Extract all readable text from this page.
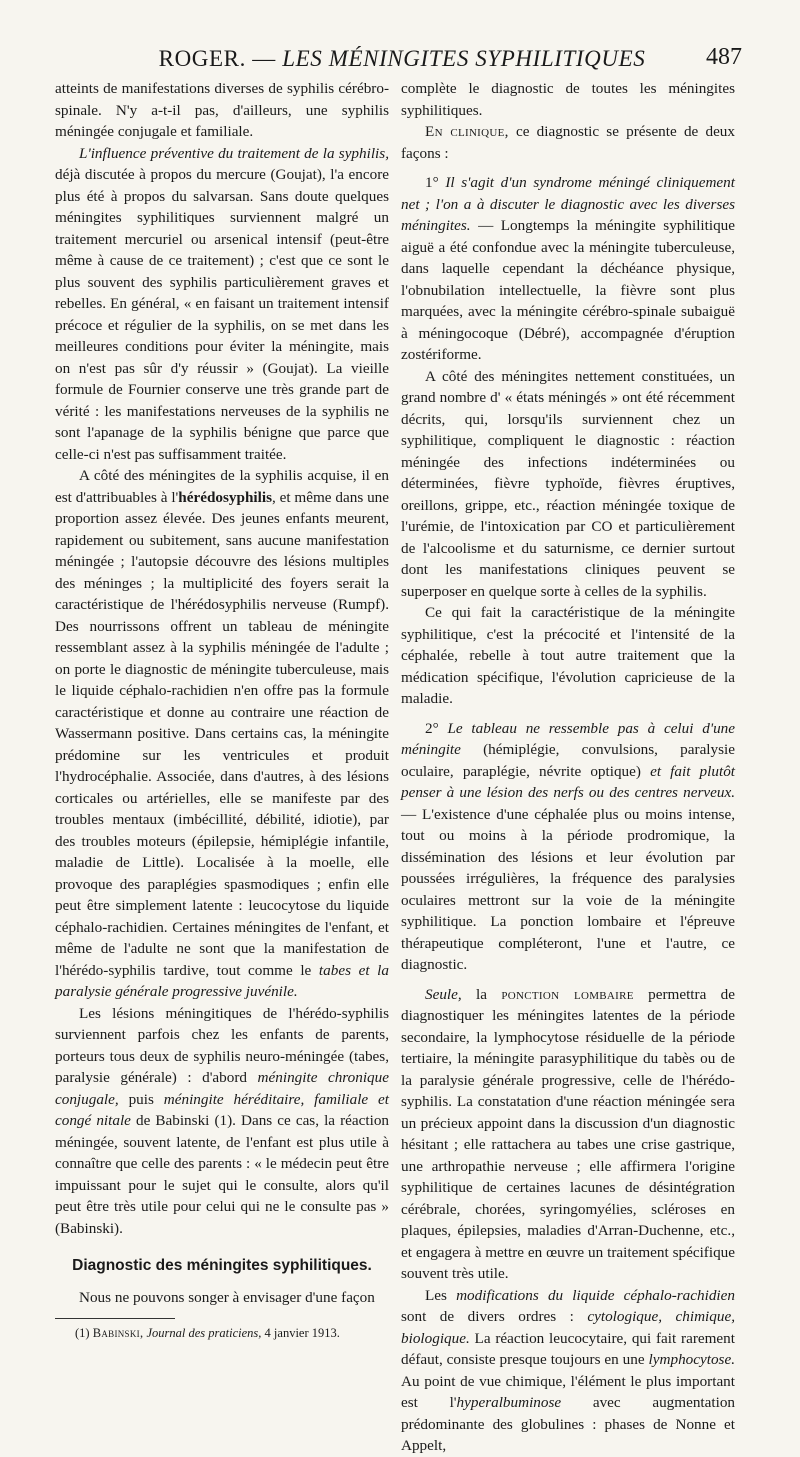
ROGER. — LES MÉNINGITES SYPHILITIQUES	487

atteints de manifestations diverses de syphilis cérébro-spinale. N'y a-t-il pas, d'ailleurs, une syphilis méningée conjugale et familiale.

L'influence préventive du traitement de la syphilis, déjà discutée à propos du mercure (Goujat), l'a encore plus été à propos du salvarsan. Sans doute quelques méningites syphilitiques surviennent malgré un traitement mercuriel ou arsenical intensif (peut-être même à cause de ce traitement) ; c'est que ce sont le plus souvent des syphilis particulièrement graves et rebelles. En général, « en faisant un traitement intensif précoce et régulier de la syphilis, on se met dans les meilleures conditions pour éviter la méningite, mais on n'est pas sûr d'y réussir » (Goujat). La vieille formule de Fournier conserve une très grande part de vérité : les manifestations nerveuses de la syphilis ne sont l'apanage de la syphilis bénigne que parce que celle-ci n'est pas suffisamment traitée.

A côté des méningites de la syphilis acquise, il en est d'attribuables à l'hérédosyphilis, et même dans une proportion assez élevée. Des jeunes enfants meurent, rapidement ou subitement, sans aucune manifestation méningée ; l'autopsie découvre des lésions multiples des méninges ; la multiplicité des foyers serait la caractéristique de l'hérédosyphilis nerveuse (Rumpf). Des nourrissons offrent un tableau de méningite ressemblant assez à la syphilis méningée de l'adulte ; on porte le diagnostic de méningite tuberculeuse, mais le liquide céphalo-rachidien n'en offre pas la formule caractéristique et donne au contraire une réaction de Wassermann positive. Dans certains cas, la méningite prédomine sur les ventricules et produit l'hydrocéphalie. Associée, dans d'autres, à des lésions corticales ou artérielles, elle se manifeste par des troubles mentaux (imbécillité, débilité, idiotie), par des troubles moteurs (épilepsie, hémiplégie infantile, maladie de Little). Localisée à la moelle, elle provoque des paraplégies spasmodiques ; enfin elle peut être simplement latente : leucocytose du liquide céphalo-rachidien. Certaines méningites de l'enfant, et même de l'adulte ne sont que la manifestation de l'hérédo-syphilis tardive, tout comme le tabes et la paralysie générale progressive juvénile.

Les lésions méningitiques de l'hérédo-syphilis surviennent parfois chez les enfants de parents, porteurs tous deux de syphilis neuro-méningée (tabes, paralysie générale) : d'abord méningite chronique conjugale, puis méningite héréditaire, familiale et congé nitale de Babinski (1). Dans ce cas, la réaction méningée, souvent latente, de l'enfant est plus utile à connaître que celle des parents : « le médecin peut être impuissant pour le sujet qui le consulte, alors qu'il peut être très utile pour celui qui ne le consulte pas » (Babinski).

Diagnostic des méningites syphilitiques.

Nous ne pouvons songer à envisager d'une façon

(1) Babinski, Journal des praticiens, 4 janvier 1913.

complète le diagnostic de toutes les méningites syphilitiques.

En clinique, ce diagnostic se présente de deux façons :

1° Il s'agit d'un syndrome méningé cliniquement net ; l'on a à discuter le diagnostic avec les diverses méningites. — Longtemps la méningite syphilitique aiguë a été confondue avec la méningite tuberculeuse, dans laquelle cependant la déchéance physique, l'obnubilation intellectuelle, la fièvre sont plus marquées, avec la méningite cérébro-spinale subaiguë à méningocoque (Débré), accompagnée d'éruption zostériforme.

A côté des méningites nettement constituées, un grand nombre d' « états méningés » ont été récemment décrits, qui, lorsqu'ils surviennent chez un syphilitique, compliquent le diagnostic : réaction méningée des infections indéterminées ou déterminées, fièvre typhoïde, fièvres éruptives, oreillons, grippe, etc., réaction méningée toxique de l'urémie, de l'intoxication par CO et particulièrement de l'alcoolisme et du saturnisme, ce dernier surtout dont les manifestations cliniques peuvent se superposer en quelque sorte à celles de la syphilis.

Ce qui fait la caractéristique de la méningite syphilitique, c'est la précocité et l'intensité de la céphalée, rebelle à tout autre traitement que la médication spécifique, l'évolution capricieuse de la maladie.

2° Le tableau ne ressemble pas à celui d'une méningite (hémiplégie, convulsions, paralysie oculaire, paraplégie, névrite optique) et fait plutôt penser à une lésion des nerfs ou des centres nerveux. — L'existence d'une céphalée plus ou moins intense, tout ou moins à la période prodromique, la dissémination des lésions et leur évolution par poussées irrégulières, la fréquence des paralysies oculaires mettront sur la voie de la méningite syphilitique. La ponction lombaire et l'épreuve thérapeutique compléteront, l'une et l'autre, ce diagnostic.

Seule, la ponction lombaire permettra de diagnostiquer les méningites latentes de la période secondaire, la lymphocytose résiduelle de la période tertiaire, la méningite parasyphilitique du tabès ou de la paralysie générale progressive, celle de l'hérédo-syphilis. La constatation d'une réaction méningée sera un précieux appoint dans la discussion d'un diagnostic hésitant ; elle rattachera au tabes une crise gastrique, une arthropathie nerveuse ; elle affirmera l'origine syphilitique de certaines lacunes de désintégration cérébrale, chorées, syringomyélies, scléroses en plaques, épilepsies, maladies d'Arran-Duchenne, etc., et engagera à mettre en œuvre un traitement spécifique souvent très utile.

Les modifications du liquide céphalo-rachidien sont de divers ordres : cytologique, chimique, biologique. La réaction leucocytaire, qui fait rarement défaut, consiste presque toujours en une lymphocytose. Au point de vue chimique, l'élément le plus important est l'hyperalbuminose avec augmentation prédominante des globulines : phases de Nonne et Appelt,
